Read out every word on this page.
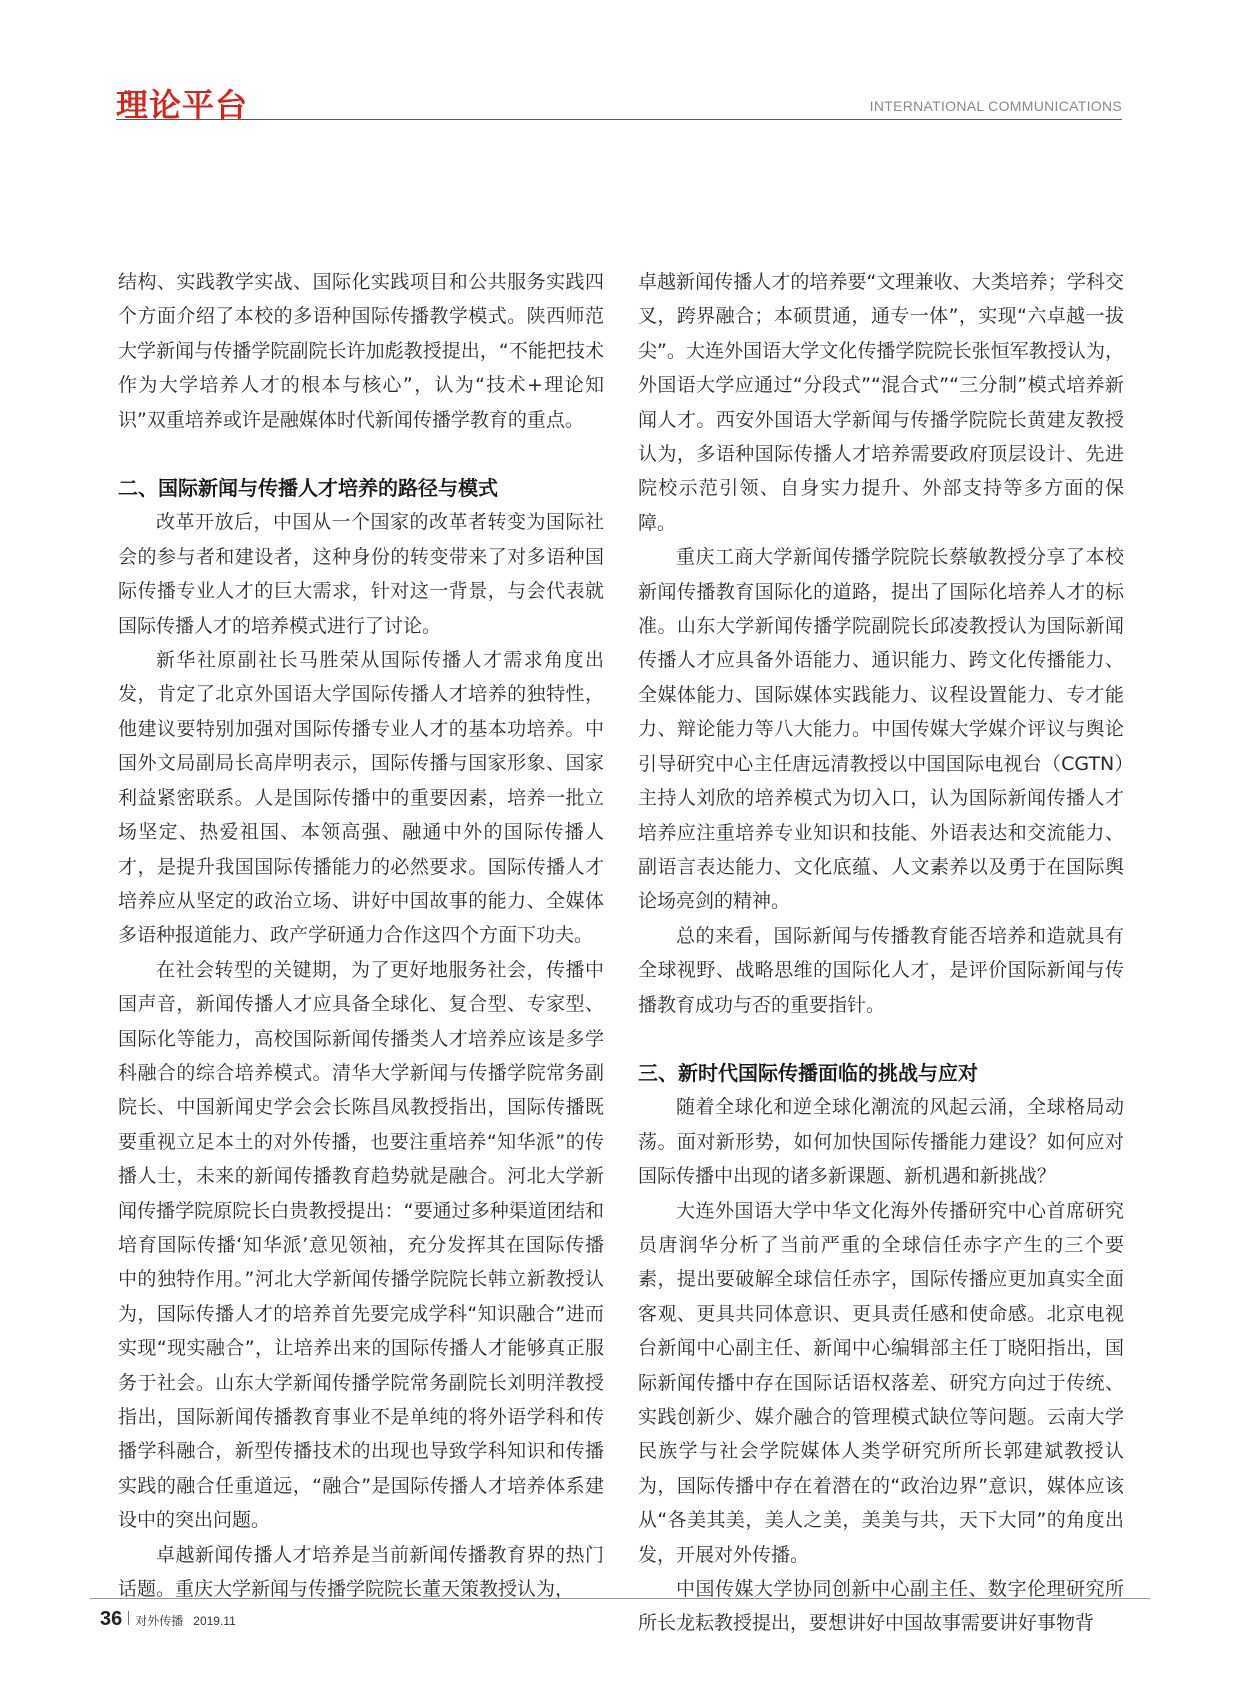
理论平台	INTERNATIONAL COMMUNICATIONS

结构、实践教学实战、国际化实践项目和公共服务实践四个方面介绍了本校的多语种国际传播教学模式。陕西师范大学新闻与传播学院副院长许加彪教授提出，“不能把技术作为大学培养人才的根本与核心”，认为“技术+理论知识”双重培养或许是融媒体时代新闻传播学教育的重点。

二、国际新闻与传播人才培养的路径与模式

改革开放后，中国从一个国家的改革者转变为国际社会的参与者和建设者，这种身份的转变带来了对多语种国际传播专业人才的巨大需求，针对这一背景，与会代表就国际传播人才的培养模式进行了讨论。

新华社原副社长马胜荣从国际传播人才需求角度出发，肯定了北京外国语大学国际传播人才培养的独特性，他建议要特别加强对国际传播专业人才的基本功培养。中国外文局副局长高岸明表示，国际传播与国家形象、国家利益紧密联系。人是国际传播中的重要因素，培养一批立场坚定、热爱祖国、本领高强、融通中外的国际传播人才，是提升我国国际传播能力的必然要求。国际传播人才培养应从坚定的政治立场、讲好中国故事的能力、全媒体多语种报道能力、政产学研通力合作这四个方面下功夫。

在社会转型的关键期，为了更好地服务社会，传播中国声音，新闻传播人才应具备全球化、复合型、专家型、国际化等能力，高校国际新闻传播类人才培养应该是多学科融合的综合培养模式。清华大学新闻与传播学院常务副院长、中国新闻史学会会长陈昌凤教授指出，国际传播既要重视立足本土的对外传播，也要注重培养“知华派”的传播人士，未来的新闻传播教育趋势就是融合。河北大学新闻传播学院原院长白贵教授提出：“要通过多种渠道团结和培育国际传播‘知华派’意见领袖，充分发挥其在国际传播中的独特作用。”河北大学新闻传播学院院长韩立新教授认为，国际传播人才的培养首先要完成学科“知识融合”进而实现“现实融合”，让培养出来的国际传播人才能够真正服务于社会。山东大学新闻传播学院常务副院长刘明洋教授指出，国际新闻传播教育事业不是单纯的将外语学科和传播学科融合，新型传播技术的出现也导致学科知识和传播实践的融合任重道远，“融合”是国际传播人才培养体系建设中的突出问题。

卓越新闻传播人才培养是当前新闻传播教育界的热门话题。重庆大学新闻与传播学院院长董天策教授认为，

卓越新闻传播人才的培养要“文理兼收、大类培养；学科交叉，跨界融合；本硕贯通，通专一体”，实现“六卓越一拔尖”。大连外国语大学文化传播学院院长张恒军教授认为，外国语大学应通过“分段式”“混合式”“三分制”模式培养新闻人才。西安外国语大学新闻与传播学院院长黄建友教授认为，多语种国际传播人才培养需要政府顶层设计、先进院校示范引领、自身实力提升、外部支持等多方面的保障。

重庆工商大学新闻传播学院院长蔡敏教授分享了本校新闻传播教育国际化的道路，提出了国际化培养人才的标准。山东大学新闻传播学院副院长邱凌教授认为国际新闻传播人才应具备外语能力、通识能力、跨文化传播能力、全媒体能力、国际媒体实践能力、议程设置能力、专才能力、辩论能力等八大能力。中国传媒大学媒介评议与舆论引导研究中心主任唐远清教授以中国国际电视台（CGTN）主持人刘欣的培养模式为切入口，认为国际新闻传播人才培养应注重培养专业知识和技能、外语表达和交流能力、副语言表达能力、文化底蕴、人文素养以及勇于在国际舆论场亮剑的精神。

总的来看，国际新闻与传播教育能否培养和造就具有全球视野、战略思维的国际化人才，是评价国际新闻与传播教育成功与否的重要指针。

三、新时代国际传播面临的挑战与应对

随着全球化和逆全球化潮流的风起云涌，全球格局动荡。面对新形势，如何加快国际传播能力建设？如何应对国际传播中出现的诸多新课题、新机遇和新挑战？

大连外国语大学中华文化海外传播研究中心首席研究员唐润华分析了当前严重的全球信任赤字产生的三个要素，提出要破解全球信任赤字，国际传播应更加真实全面客观、更具共同体意识、更具责任感和使命感。北京电视台新闻中心副主任、新闻中心编辑部主任丁晓阳指出，国际新闻传播中存在国际话语权落差、研究方向过于传统、实践创新少、媒介融合的管理模式缺位等问题。云南大学民族学与社会学院媒体人类学研究所所长郭建斌教授认为，国际传播中存在着潜在的“政治边界”意识，媒体应该从“各美其美，美人之美，美美与共，天下大同”的角度出发，开展对外传播。

中国传媒大学协同创新中心副主任、数字伦理研究所所长龙耘教授提出，要想讲好中国故事需要讲好事物背

36 对外传播 2019.11
